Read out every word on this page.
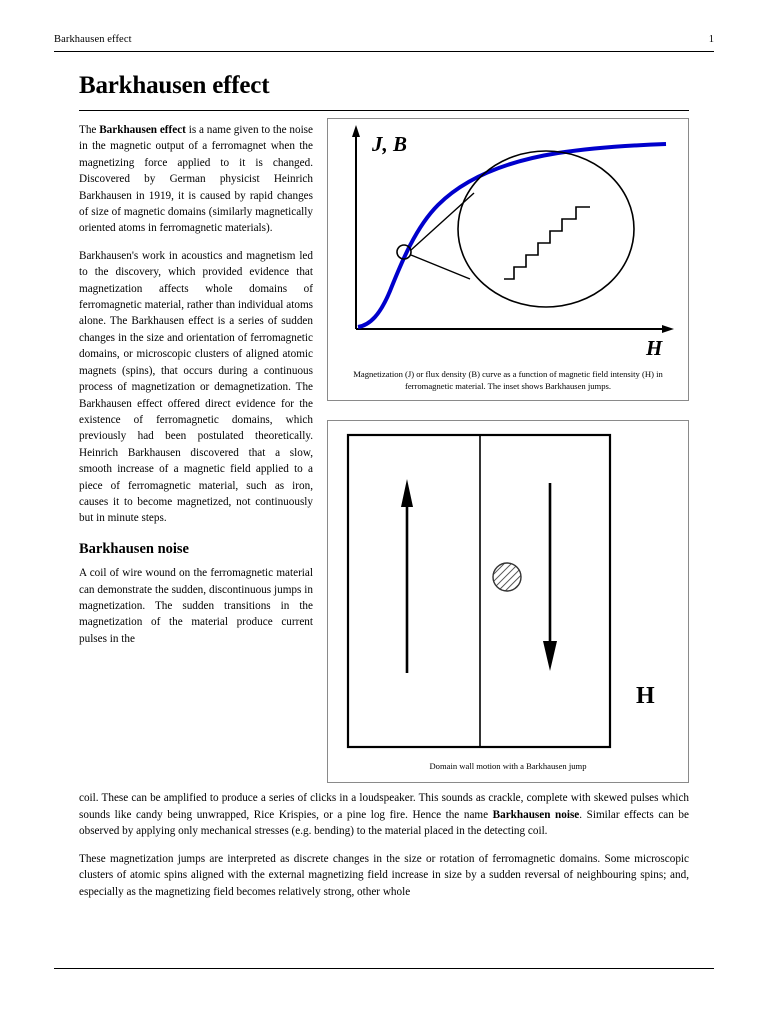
Barkhausen effect	1
Barkhausen effect

The Barkhausen effect is a name given to the noise in the magnetic output of a ferromagnet when the magnetizing force applied to it is changed. Discovered by German physicist Heinrich Barkhausen in 1919, it is caused by rapid changes of size of magnetic domains (similarly magnetically oriented atoms in ferromagnetic materials).

Barkhausen's work in acoustics and magnetism led to the discovery, which provided evidence that magnetization affects whole domains of ferromagnetic material, rather than individual atoms alone. The Barkhausen effect is a series of sudden changes in the size and orientation of ferromagnetic domains, or microscopic clusters of aligned atomic magnets (spins), that occurs during a continuous process of magnetization or demagnetization. The Barkhausen effect offered direct evidence for the existence of ferromagnetic domains, which previously had been postulated theoretically. Heinrich Barkhausen discovered that a slow, smooth increase of a magnetic field applied to a piece of ferromagnetic material, such as iron, causes it to become magnetized, not continuously but in minute steps.

Barkhausen noise

A coil of wire wound on the ferromagnetic material can demonstrate the sudden, discontinuous jumps in magnetization. The sudden transitions in the magnetization of the material produce current pulses in the

coil. These can be amplified to produce a series of clicks in a loudspeaker. This sounds as crackle, complete with skewed pulses which sounds like candy being unwrapped, Rice Krispies, or a pine log fire. Hence the name Barkhausen noise. Similar effects can be observed by applying only mechanical stresses (e.g. bending) to the material placed in the detecting coil.

These magnetization jumps are interpreted as discrete changes in the size or rotation of ferromagnetic domains. Some microscopic clusters of atomic spins aligned with the external magnetizing field increase in size by a sudden reversal of neighbouring spins; and, especially as the magnetizing field becomes relatively strong, other whole

J, B
H
Magnetization (J) or flux density (B) curve as a function of magnetic field intensity (H) in ferromagnetic material. The inset shows Barkhausen jumps.
H
Domain wall motion with a Barkhausen jump
